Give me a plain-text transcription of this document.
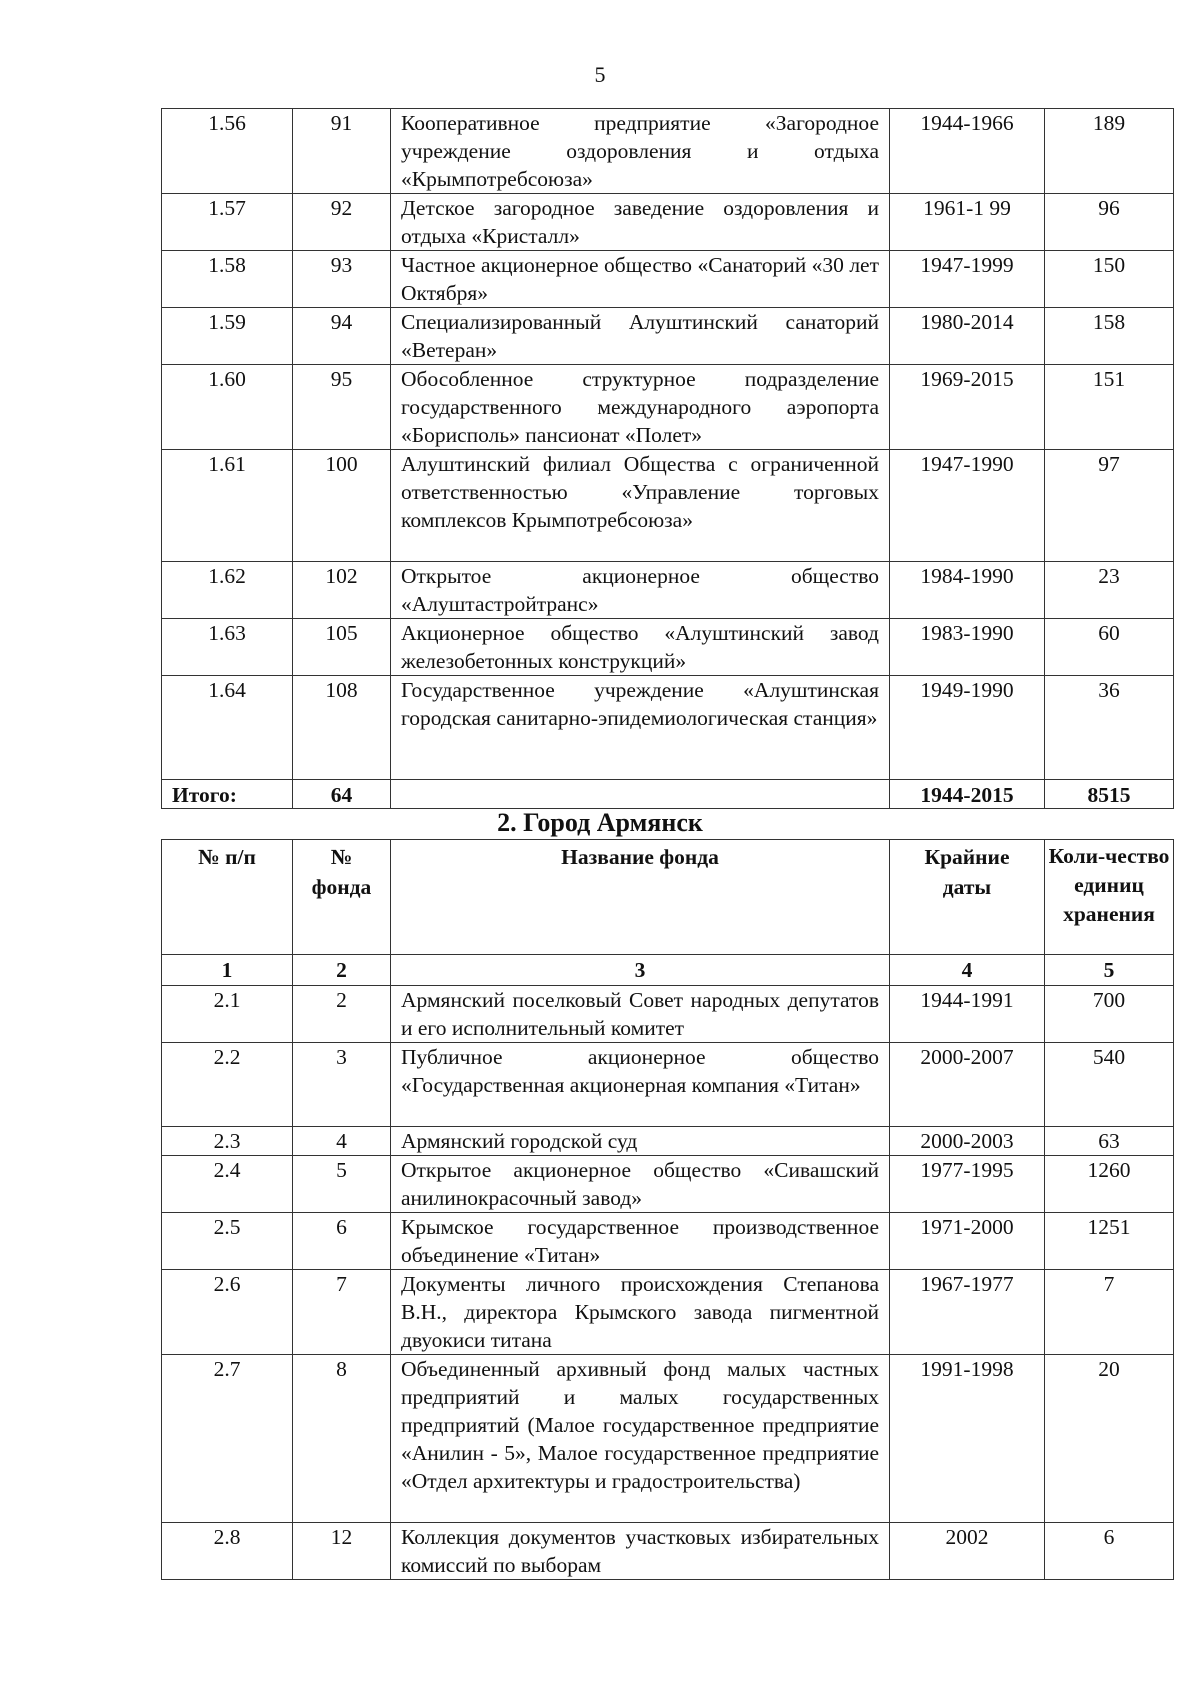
5
1.56	91	Кооперативное предприятие «Загородное учреждение оздоровления и отдыха «Крымпотребсоюза»	1944-1966	189
1.57	92	Детское загородное заведение оздоровления и отдыха «Кристалл»	1961-1 99	96
1.58	93	Частное акционерное общество «Санаторий «30 лет Октября»	1947-1999	150
1.59	94	Специализированный Алуштинский санаторий «Ветеран»	1980-2014	158
1.60	95	Обособленное структурное подразделение государственного международного аэропорта «Борисполь» пансионат «Полет»	1969-2015	151
1.61	100	Алуштинский филиал Общества с ограниченной ответственностью «Управление торговых комплексов Крымпотребсоюза»	1947-1990	97
1.62	102	Открытое акционерное общество «Алуштастройтранс»	1984-1990	23
1.63	105	Акционерное общество «Алуштинский завод железобетонных конструкций»	1983-1990	60
1.64	108	Государственное учреждение «Алуштинская городская санитарно-эпидемиологическая станция»	1949-1990	36
Итого:	64		1944-2015	8515
2. Город Армянск
№ п/п	№ фонда	Название фонда	Крайние даты	Коли-чество единиц хранения
1	2	3	4	5
2.1	2	Армянский поселковый Совет народных депутатов и его исполнительный комитет	1944-1991	700
2.2	3	Публичное акционерное общество «Государственная акционерная компания «Титан»	2000-2007	540
2.3	4	Армянский городской суд	2000-2003	63
2.4	5	Открытое акционерное общество «Сивашский анилинокрасочный завод»	1977-1995	1260
2.5	6	Крымское государственное производственное объединение «Титан»	1971-2000	1251
2.6	7	Документы личного происхождения Степанова В.Н., директора Крымского завода пигментной двуокиси титана	1967-1977	7
2.7	8	Объединенный архивный фонд малых частных предприятий и малых государственных предприятий (Малое государственное предприятие «Анилин - 5», Малое государственное предприятие «Отдел архитектуры и градостроительства)	1991-1998	20
2.8	12	Коллекция документов участковых избирательных комиссий по выборам	2002	6
